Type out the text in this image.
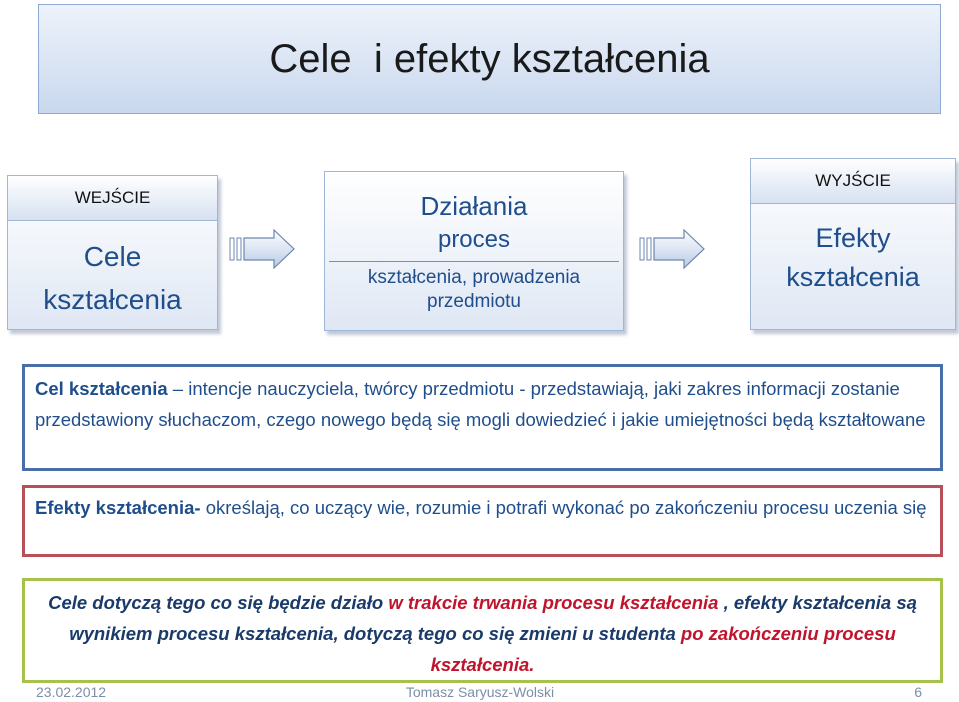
Cele  i efekty kształcenia
WEJŚCIE
Cele
kształcenia
Działania
proces
kształcenia, prowadzenia
przedmiotu
WYJŚCIE
Efekty
kształcenia
Cel kształcenia – intencje nauczyciela, twórcy przedmiotu - przedstawiają, jaki zakres informacji zostanie przedstawiony słuchaczom, czego nowego będą się mogli dowiedzieć i jakie umiejętności będą kształtowane
Efekty kształcenia- określają, co uczący wie, rozumie i potrafi wykonać po zakończeniu procesu uczenia się
Cele dotyczą tego co się będzie działo w trakcie trwania procesu kształcenia , efekty kształcenia są wynikiem procesu kształcenia, dotyczą tego co się zmieni u studenta po zakończeniu procesu kształcenia.
23.02.2012	Tomasz Saryusz-Wolski	6
